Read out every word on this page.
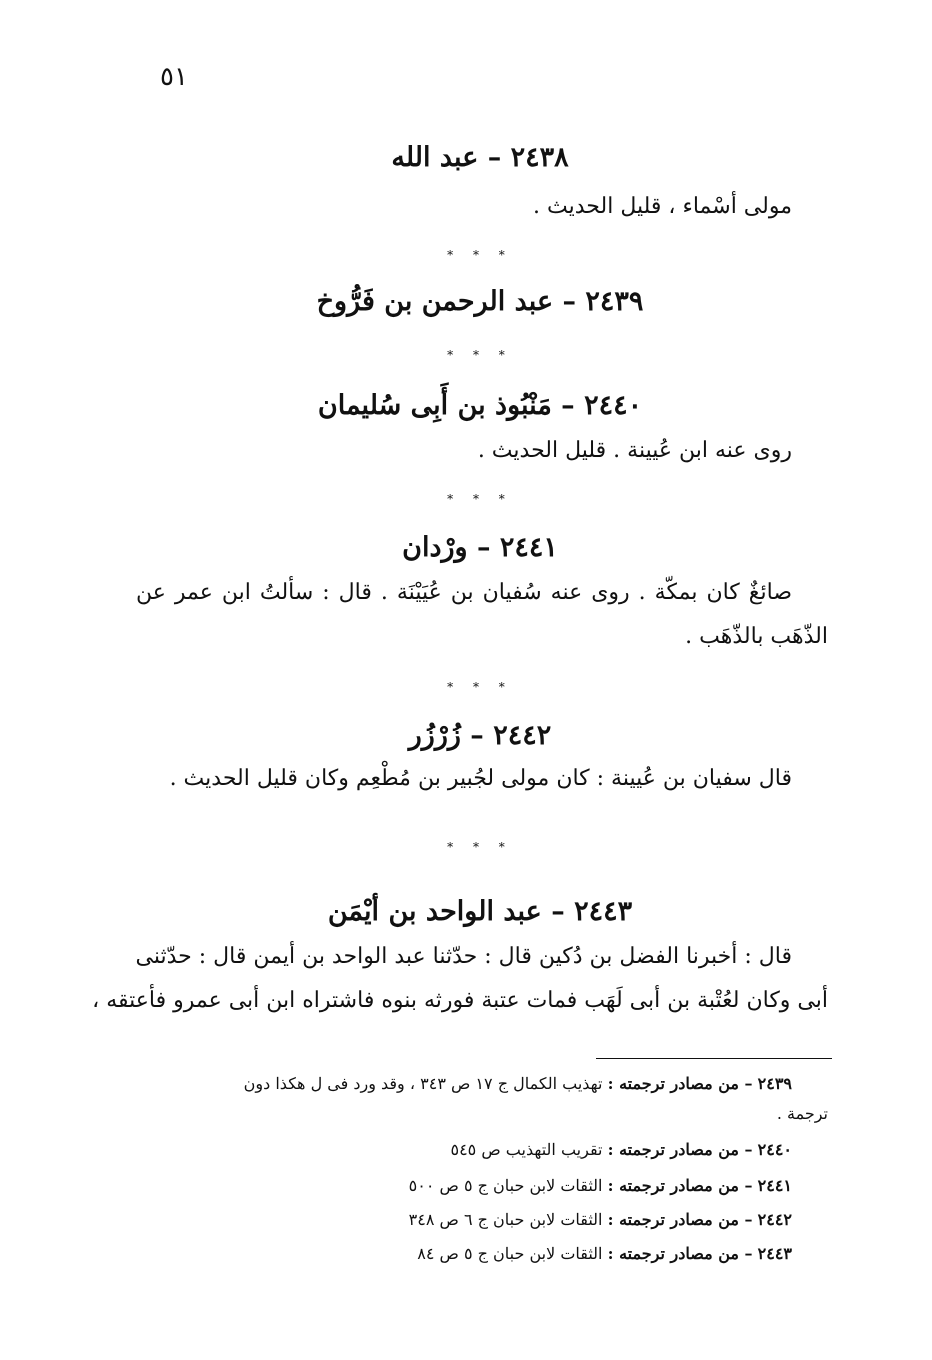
٥١
٢٤٣٨ – عبد الله
مولى أسْماء ، قليل الحديث .
* * *
٢٤٣٩ – عبد الرحمن بن فَرُّوخ
* * *
٢٤٤٠ – مَنْبُوذ بن أَبِى سُليمان
روى عنه ابن عُيينة . قليل الحديث .
* * *
٢٤٤١ – ورْدان
صائغٌ كان بمكّة . روى عنه سُفيان بن عُيَيْنَة . قال : سألتُ ابن عمر عن
الذّهَب بالذّهَب .
* * *
٢٤٤٢ – زُرْزُر
قال سفيان بن عُيينة : كان مولى لجُبير بن مُطْعِم وكان قليل الحديث .
* * *
٢٤٤٣ – عبد الواحد بن أيْمَن
قال : أخبرنا الفضل بن دُكين قال : حدّثنا عبد الواحد بن أيمن قال : حدّثنى
أبى وكان لعُتْبة بن أبى لَهَب فمات عتبة فورثه بنوه فاشتراه ابن أبى عمرو فأعتقه ،
٢٤٣٩ – من مصادر ترجمته : تهذيب الكمال ج ١٧ ص ٣٤٣ ، وقد ورد فى ل هكذا دون
ترجمة .
٢٤٤٠ – من مصادر ترجمته : تقريب التهذيب ص ٥٤٥
٢٤٤١ – من مصادر ترجمته : الثقات لابن حبان ج ٥ ص ٥٠٠
٢٤٤٢ – من مصادر ترجمته : الثقات لابن حبان ج ٦ ص ٣٤٨
٢٤٤٣ – من مصادر ترجمته : الثقات لابن حبان ج ٥ ص ٨٤
